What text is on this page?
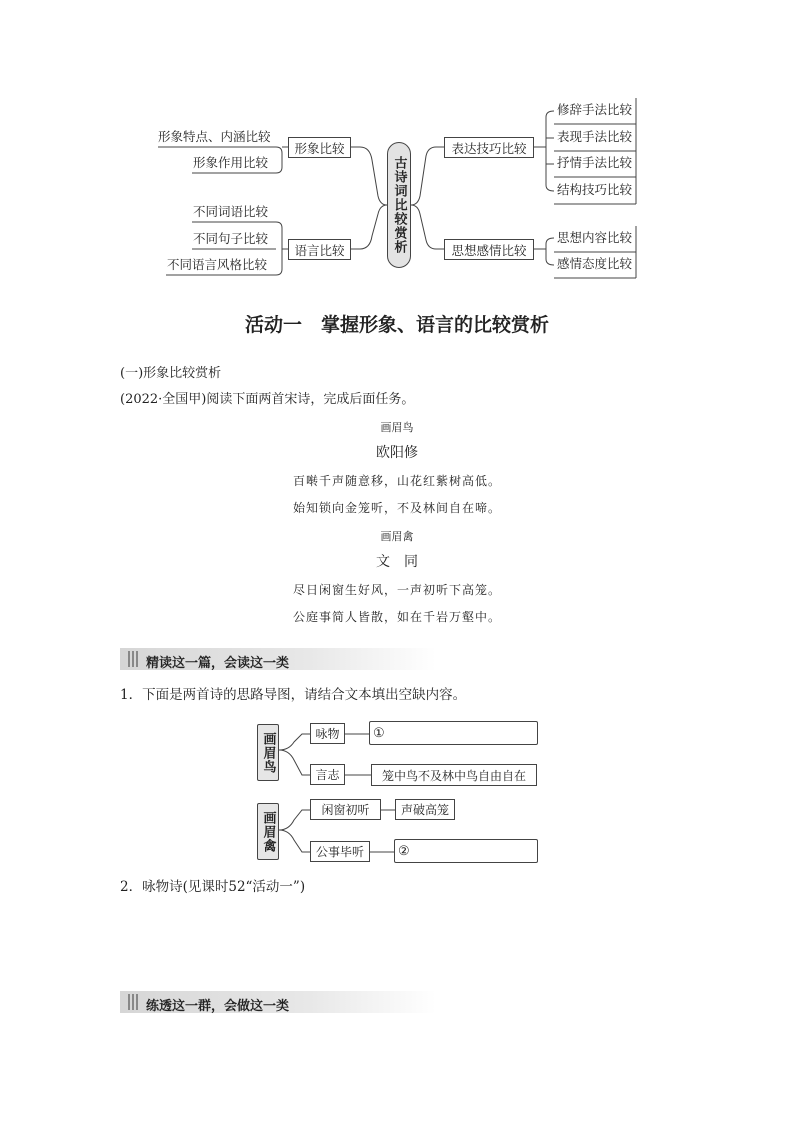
形象特点、内涵比较
形象作用比较
不同词语比较
不同句子比较
不同语言风格比较
形象比较
语言比较	古诗词比较赏析
表达技巧比较
思想感情比较
修辞手法比较
表现手法比较
抒情手法比较
结构技巧比较
思想内容比较
感情态度比较
活动一　掌握形象、语言的比较赏析
(一)形象比较赏析
(2022·全国甲)阅读下面两首宋诗，完成后面任务。
画眉鸟
欧阳修
百啭千声随意移，山花红紫树高低。
始知锁向金笼听，不及林间自在啼。
画眉禽
文　同
尽日闲窗生好风，一声初听下高笼。
公庭事简人皆散，如在千岩万壑中。
精读这一篇，会读这一类
1．下面是两首诗的思路导图，请结合文本填出空缺内容。
画眉鸟	咏物	①
言志	笼中鸟不及林中鸟自由自在
画眉禽
闲窗初听	声破高笼
公事毕听	②
2．咏物诗(见课时52“活动一”)
练透这一群，会做这一类
